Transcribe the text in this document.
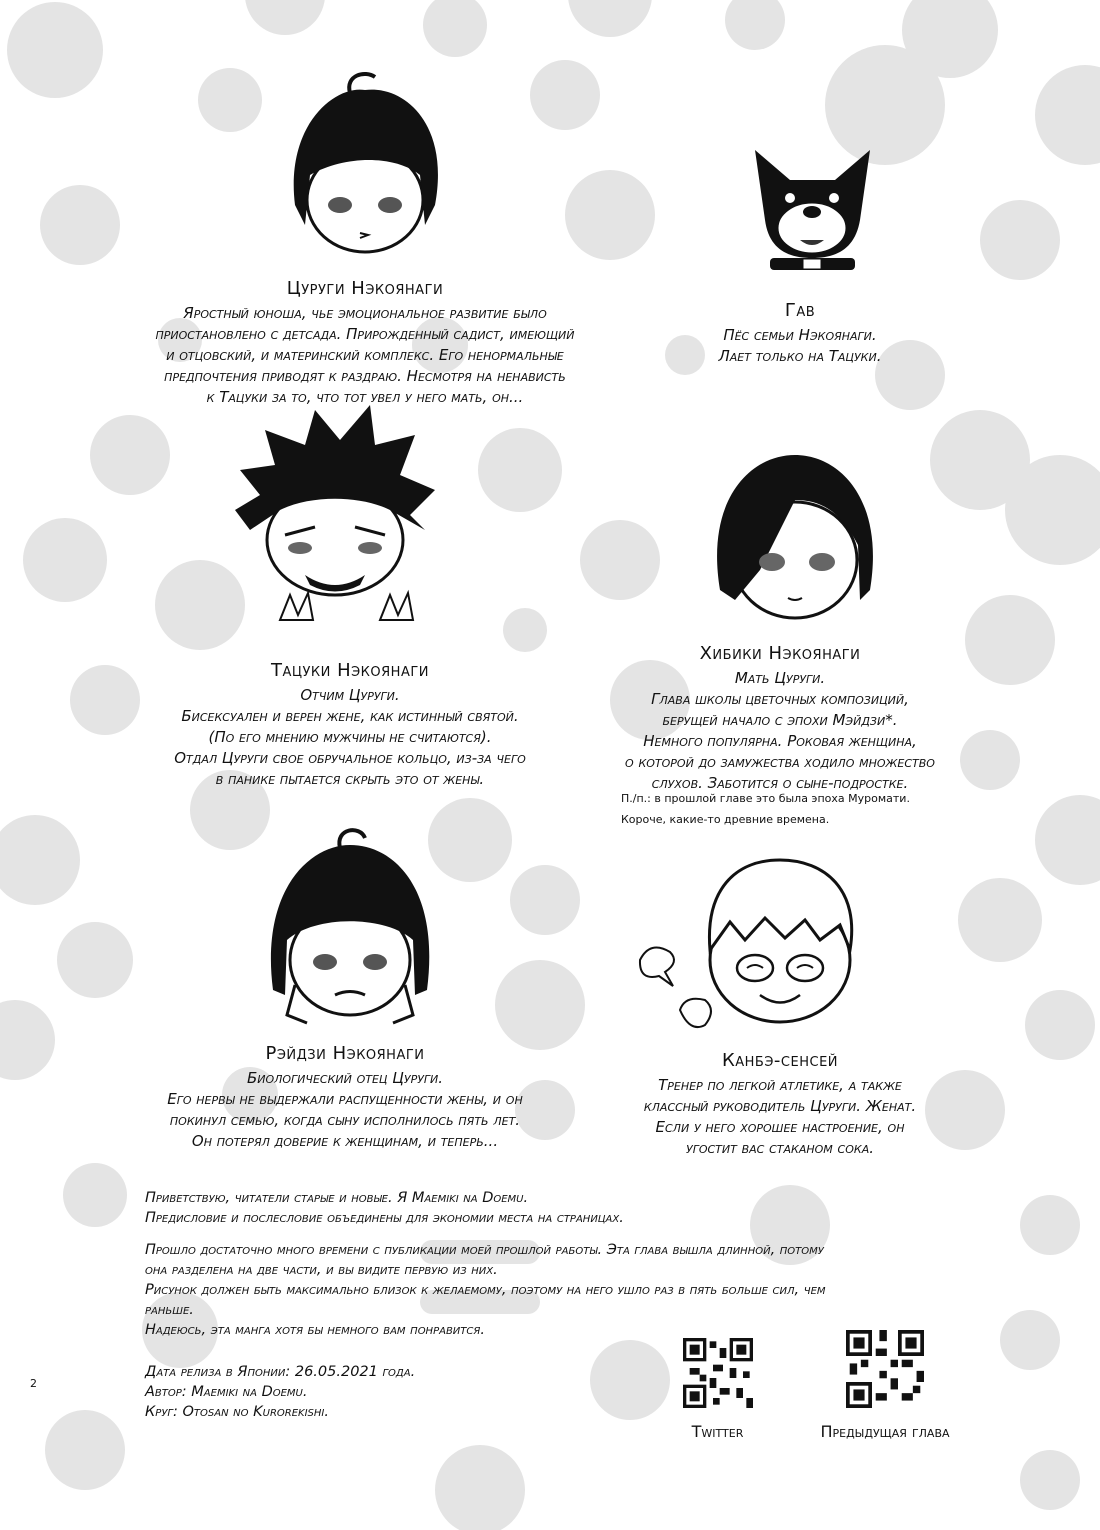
Цуруги Нэкоянаги
Яростный юноша, чье эмоциональное развитие было
приостановлено с детсада. Прирожденный садист, имеющий
и отцовский, и материнский комплекс. Его ненормальные
предпочтения приводят к раздраю. Несмотря на ненависть
к Тацуки за то, что тот увел у него мать, он...
Гав
Пёс семьи Нэкоянаги.
Лает только на Тацуки.
Тацуки Нэкоянаги
Отчим Цуруги.
Бисексуален и верен жене, как истинный святой.
(По его мнению мужчины не считаются).
Отдал Цуруги свое обручальное кольцо, из-за чего
в панике пытается скрыть это от жены.
Хибики Нэкоянаги
Мать Цуруги.
Глава школы цветочных композиций,
берущей начало с эпохи Мэйдзи*.
Немного популярна. Роковая женщина,
о которой до замужества ходило множество
слухов. Заботится о сыне-подростке.
П./п.: в прошлой главе это была эпоха Муромати.
Короче, какие-то древние времена.
Рэйдзи Нэкоянаги
Биологический отец Цуруги.
Его нервы не выдержали распущенности жены, и он
покинул семью, когда сыну исполнилось пять лет.
Он потерял доверие к женщинам, и теперь...
Канбэ-сенсей
Тренер по легкой атлетике, а также
классный руководитель Цуруги. Женат.
Если у него хорошее настроение, он
угостит вас стаканом сока.

Приветствую, читатели старые и новые. Я Maemiki na Doemu.
Предисловие и послесловие объединены для экономии места на страницах.

Прошло достаточно много времени с публикации моей прошлой работы. Эта глава вышла длинной, потому
она разделена на две части, и вы видите первую из них.
Рисунок должен быть максимально близок к желаемому, поэтому на него ушло раз в пять больше сил, чем
раньше.
Надеюсь, эта манга хотя бы немного вам понравится.

Дата релиза в Японии: 26.05.2021 года.
Автор: Maemiki na Doemu.
Круг: Otosan no Kurorekishi.

Twitter	Предыдущая глава
2
